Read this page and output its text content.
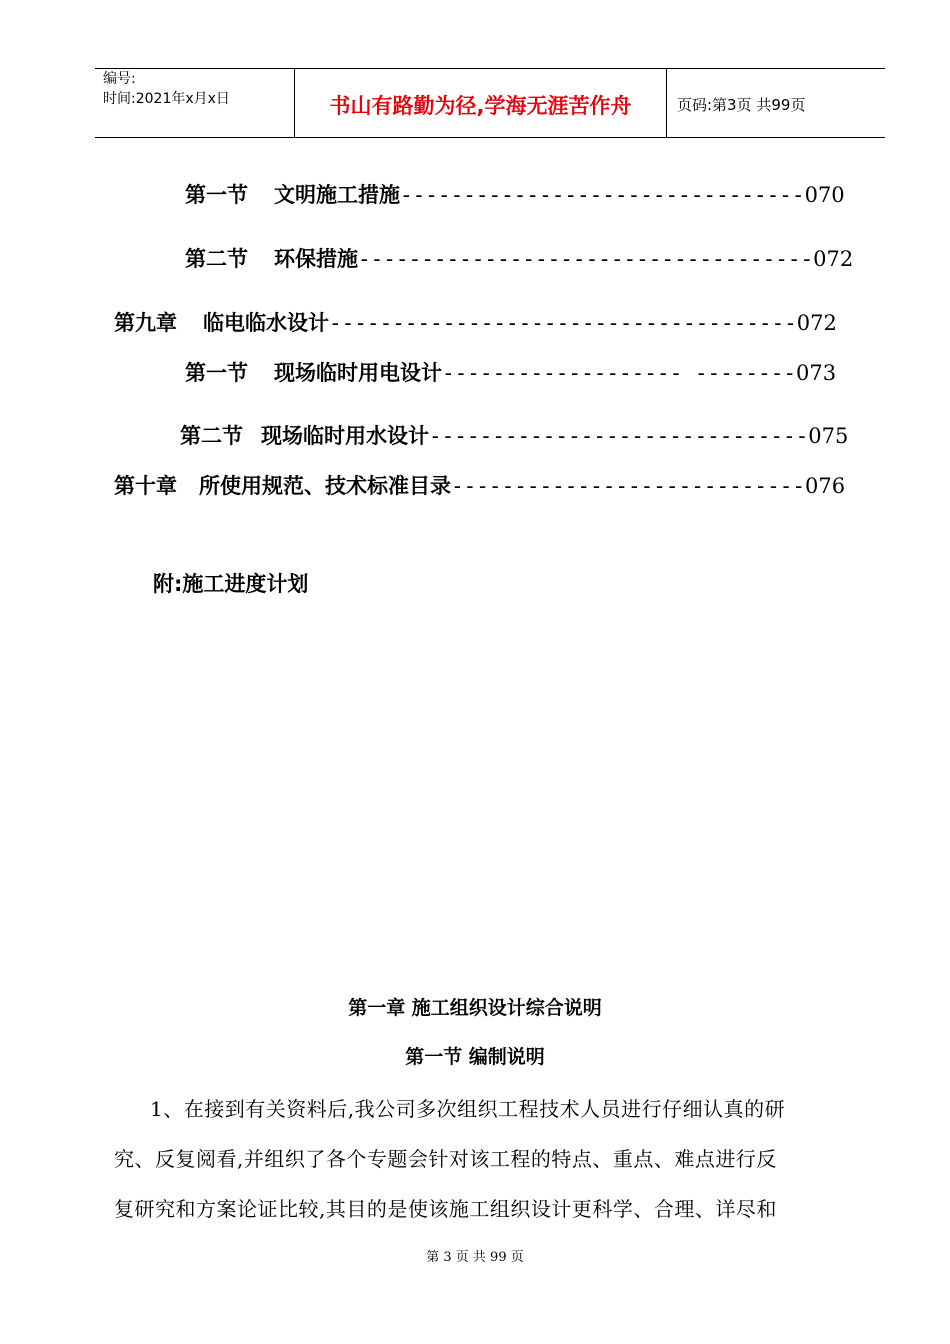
编号:
时间:2021年x月x日	书山有路勤为径,学海无涯苦作舟	页码:第3页 共99页
第一节 文明施工措施--------------------------------070
第二节 环保措施------------------------------------072
第九章 临电临水设计-------------------------------------072
第一节 现场临时用电设计------------------- --------073
第二节 现场临时用水设计------------------------------075
第十章 所使用规范、技术标准目录----------------------------076
附:施工进度计划
第一章 施工组织设计综合说明
第一节 编制说明
1、在接到有关资料后,我公司多次组织工程技术人员进行仔细认真的研
究、反复阅看,并组织了各个专题会针对该工程的特点、重点、难点进行反
复研究和方案论证比较,其目的是使该施工组织设计更科学、合理、详尽和
第 3 页 共 99 页
